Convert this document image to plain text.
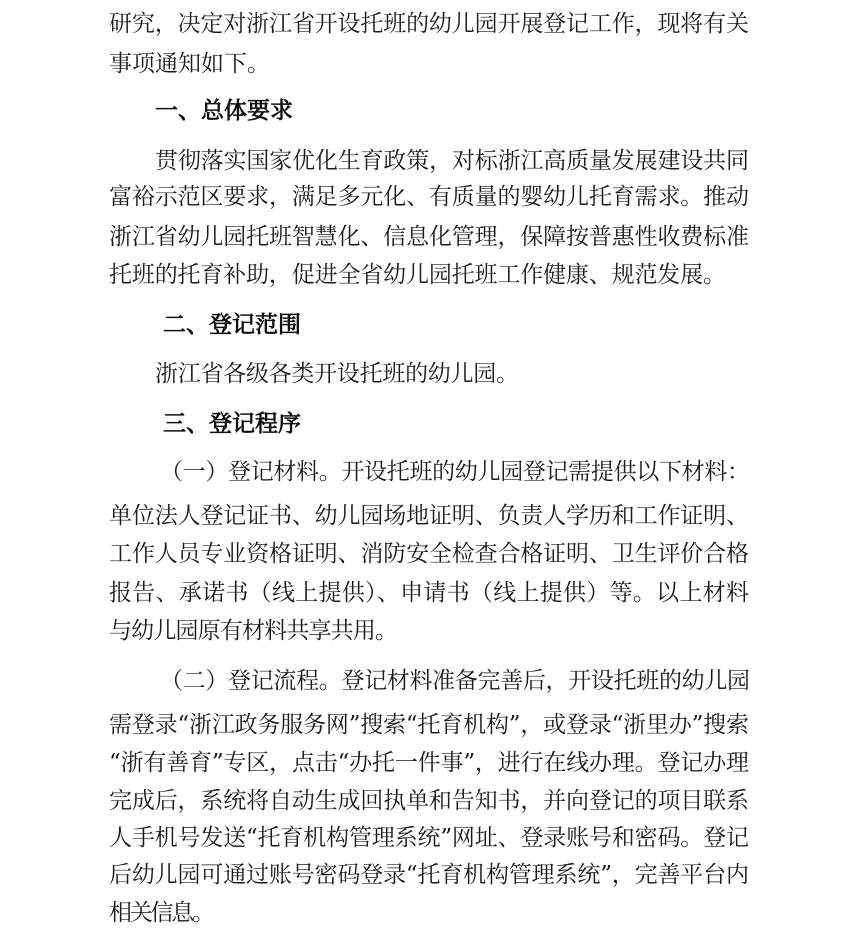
研究，决定对浙江省开设托班的幼儿园开展登记工作，现将有关
事项通知如下。
一、总体要求
贯彻落实国家优化生育政策，对标浙江高质量发展建设共同
富裕示范区要求，满足多元化、有质量的婴幼儿托育需求。推动
浙江省幼儿园托班智慧化、信息化管理，保障按普惠性收费标准
托班的托育补助，促进全省幼儿园托班工作健康、规范发展。
二、登记范围
浙江省各级各类开设托班的幼儿园。
三、登记程序
（一）登记材料。开设托班的幼儿园登记需提供以下材料：
单位法人登记证书、幼儿园场地证明、负责人学历和工作证明、
工作人员专业资格证明、消防安全检查合格证明、卫生评价合格
报告、承诺书（线上提供）、申请书（线上提供）等。以上材料
与幼儿园原有材料共享共用。
（二）登记流程。登记材料准备完善后，开设托班的幼儿园
需登录“浙江政务服务网”搜索“托育机构”，或登录“浙里办”搜索
“浙有善育”专区，点击“办托一件事”，进行在线办理。登记办理
完成后，系统将自动生成回执单和告知书，并向登记的项目联系
人手机号发送“托育机构管理系统”网址、登录账号和密码。登记
后幼儿园可通过账号密码登录“托育机构管理系统”，完善平台内
相关信息。
